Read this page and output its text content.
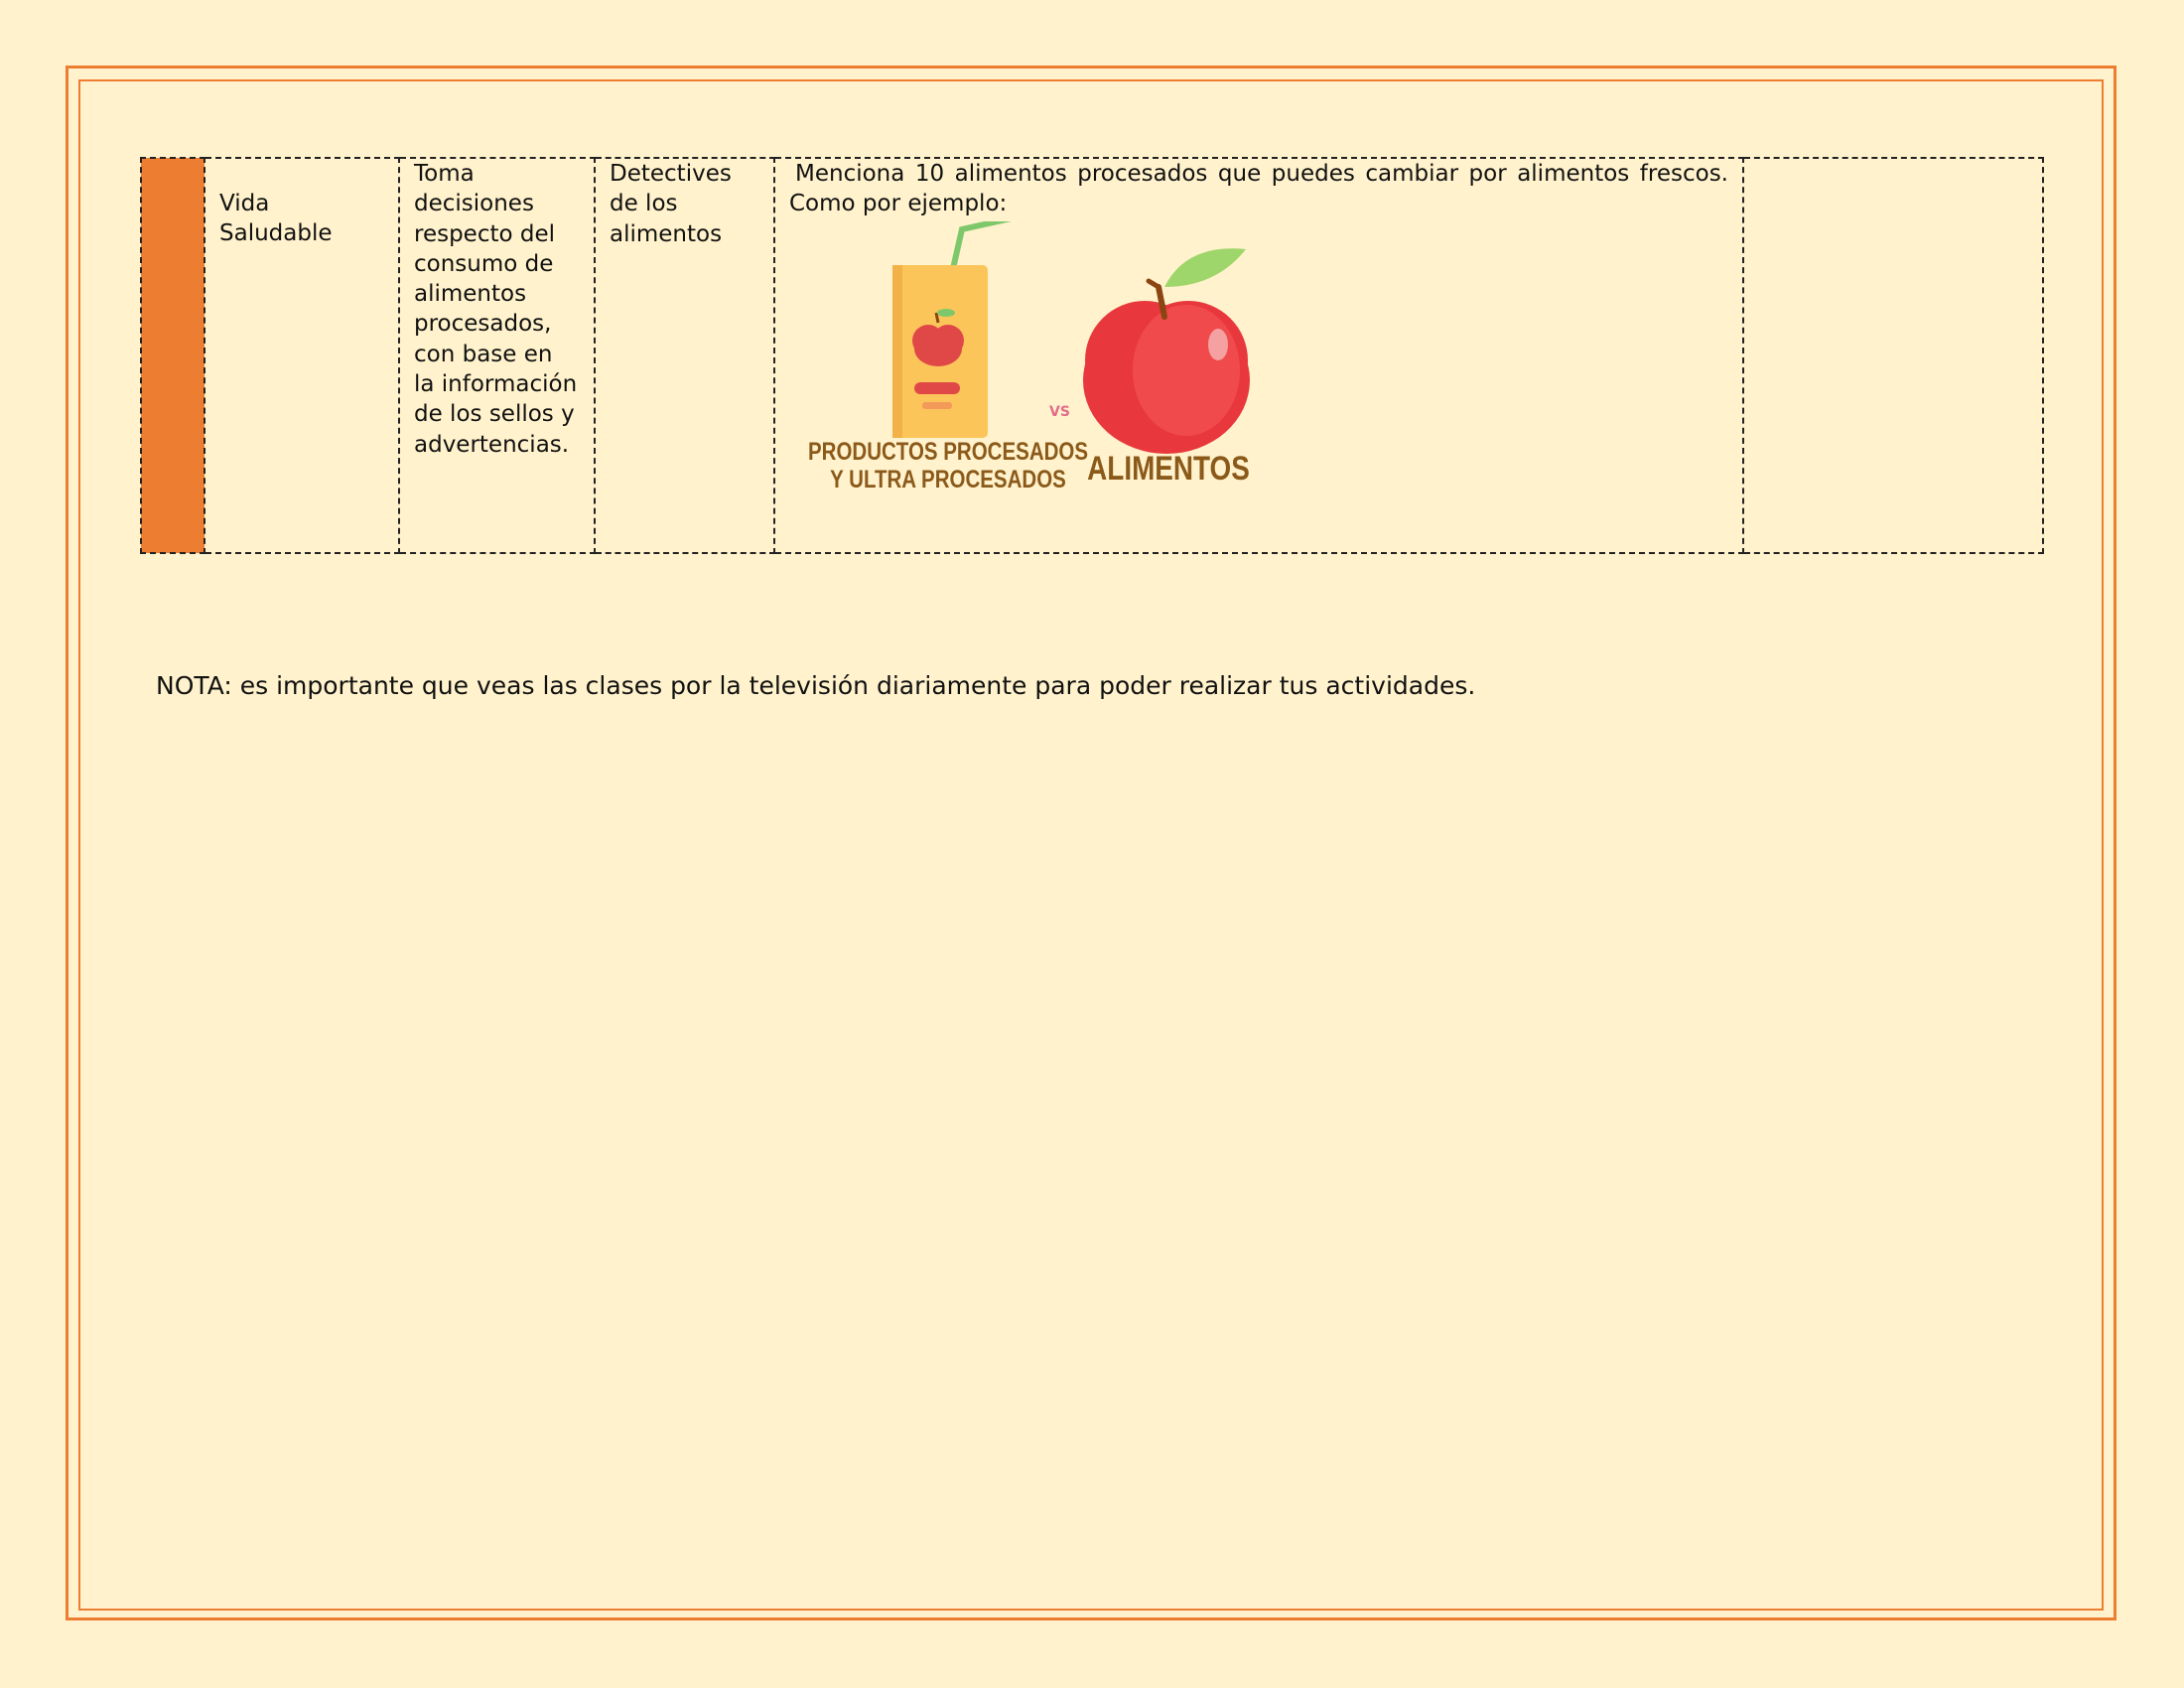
Vida Saludable

Toma decisiones respecto del consumo de alimentos procesados, con base en la información de los sellos y advertencias.

Detectives de los alimentos

Menciona 10 alimentos procesados que puedes cambiar por alimentos frescos.
Como por ejemplo:
VS
PRODUCTOS PROCESADOS
Y ULTRA PROCESADOS ALIMENTOS

NOTA: es importante que veas las clases por la televisión diariamente para poder realizar tus actividades.
